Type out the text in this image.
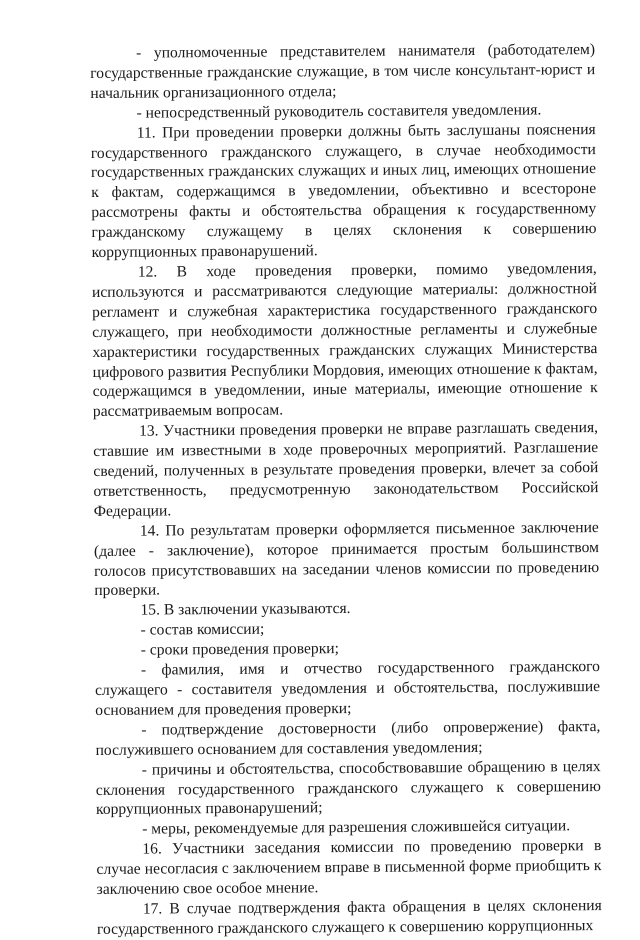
- уполномоченные представителем нанимателя (работодателем) государственные гражданские служащие, в том числе консультант-юрист и начальник организационного отдела;

- непосредственный руководитель составителя уведомления.

11. При проведении проверки должны быть заслушаны пояснения государственного гражданского служащего, в случае необходимости государственных гражданских служащих и иных лиц, имеющих отношение к фактам, содержащимся в уведомлении, объективно и всестороне рассмотрены факты и обстоятельства обращения к государственному гражданскому служащему в целях склонения к совершению коррупционных правонарушений.

12. В ходе проведения проверки, помимо уведомления, используются и рассматриваются следующие материалы: должностной регламент и служебная характеристика государственного гражданского служащего, при необходимости должностные регламенты и служебные характеристики государственных гражданских служащих Министерства цифрового развития Республики Мордовия, имеющих отношение к фактам, содержащимся в уведомлении, иные материалы, имеющие отношение к рассматриваемым вопросам.

13. Участники проведения проверки не вправе разглашать сведения, ставшие им известными в ходе проверочных мероприятий. Разглашение сведений, полученных в результате проведения проверки, влечет за собой ответственность, предусмотренную законодательством Российской Федерации.

14. По результатам проверки оформляется письменное заключение (далее - заключение), которое принимается простым большинством голосов присутствовавших на заседании членов комиссии по проведению проверки.

15. В заключении указываются.

- состав комиссии;

- сроки проведения проверки;

- фамилия, имя и отчество государственного гражданского служащего - составителя уведомления и обстоятельства, послужившие основанием для проведения проверки;

- подтверждение достоверности (либо опровержение) факта, послужившего основанием для составления уведомления;

- причины и обстоятельства, способствовавшие обращению в целях склонения государственного гражданского служащего к совершению коррупционных правонарушений;

- меры, рекомендуемые для разрешения сложившейся ситуации.

16. Участники заседания комиссии по проведению проверки в случае несогласия с заключением вправе в письменной форме приобщить к заключению свое особое мнение.

17. В случае подтверждения факта обращения в целях склонения государственного гражданского служащего к совершению коррупционных
